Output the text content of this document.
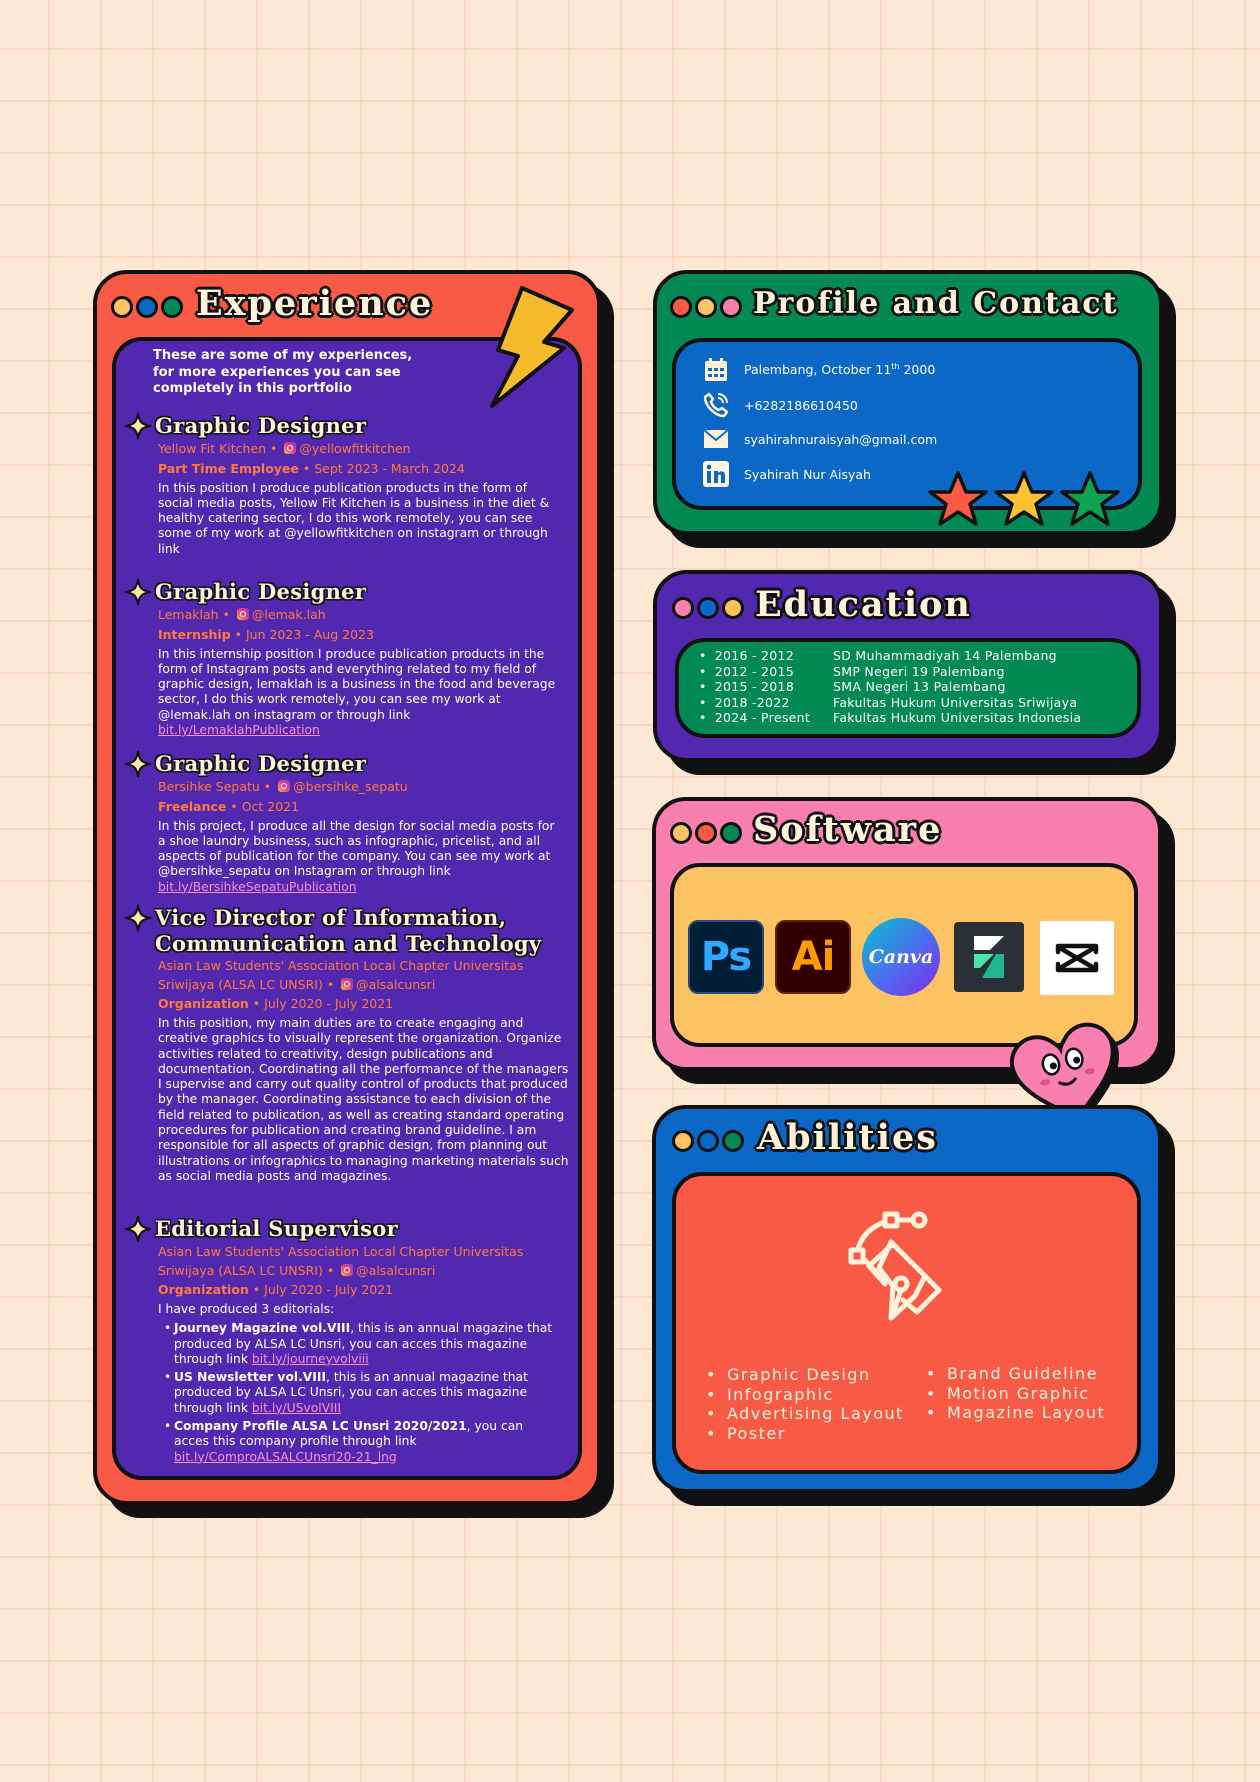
Experience
These are some of my experiences, for more experiences you can see completely in this portfolio
Graphic Designer
Yellow Fit Kitchen • @yellowfitkitchen
Part Time Employee • Sept 2023 - March 2024
In this position I produce publication products in the form of social media posts, Yellow Fit Kitchen is a business in the diet & healthy catering sector, I do this work remotely, you can see some of my work at @yellowfitkitchen on instagram or through link
Graphic Designer
Lemaklah • @lemak.lah
Internship • Jun 2023 - Aug 2023
In this internship position I produce publication products in the form of Instagram posts and everything related to my field of graphic design, lemaklah is a business in the food and beverage sector, I do this work remotely, you can see my work at @lemak.lah on instagram or through link bit.ly/LemaklahPublication
Graphic Designer
Bersihke Sepatu • @bersihke_sepatu
Freelance • Oct 2021
In this project, I produce all the design for social media posts for a shoe laundry business, such as infographic, pricelist, and all aspects of publication for the company. You can see my work at @bersihke_sepatu on Instagram or through link bit.ly/BersihkeSepatuPublication
Vice Director of Information,
Communication and Technology
Asian Law Students' Association Local Chapter Universitas Sriwijaya (ALSA LC UNSRI) • @alsalcunsri
Organization • July 2020 - July 2021
In this position, my main duties are to create engaging and creative graphics to visually represent the organization. Organize activities related to creativity, design publications and documentation. Coordinating all the performance of the managers I supervise and carry out quality control of products that produced by the manager. Coordinating assistance to each division of the field related to publication, as well as creating standard operating procedures for publication and creating brand guideline. I am responsible for all aspects of graphic design, from planning out illustrations or infographics to managing marketing materials such as social media posts and magazines.
Editorial Supervisor
Asian Law Students' Association Local Chapter Universitas Sriwijaya (ALSA LC UNSRI) • @alsalcunsri
Organization • July 2020 - July 2021
I have produced 3 editorials:
• Journey Magazine vol.VIII, this is an annual magazine that produced by ALSA LC Unsri, you can acces this magazine through link bit.ly/journeyvolviii
• US Newsletter vol.VIII, this is an annual magazine that produced by ALSA LC Unsri, you can acces this magazine through link bit.ly/USvolVIII
• Company Profile ALSA LC Unsri 2020/2021, you can acces this company profile through link bit.ly/ComproALSALCUnsri20-21_lng
Profile and Contact
Palembang, October 11th 2000
+6282186610450
syahirahnuraisyah@gmail.com
Syahirah Nur Aisyah
Education
• 2016 - 2012	SD Muhammadiyah 14 Palembang
• 2012 - 2015	SMP Negeri 19 Palembang
• 2015 - 2018	SMA Negeri 13 Palembang
• 2018 -2022	Fakultas Hukum Universitas Sriwijaya
• 2024 - Present	Fakultas Hukum Universitas Indonesia
Software
Ps Ai Canva
Abilities
• Graphic Design
• Infographic
• Advertising Layout
• Poster
• Brand Guideline
• Motion Graphic
• Magazine Layout
